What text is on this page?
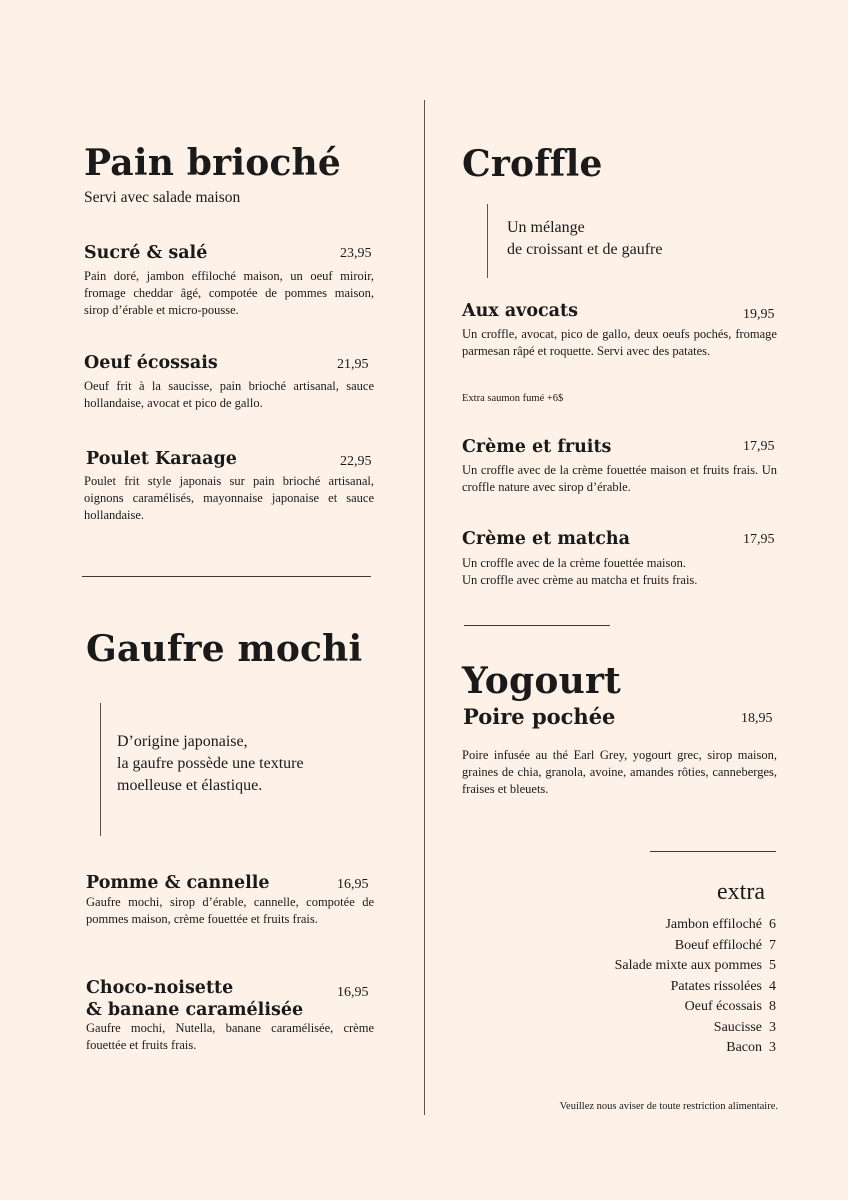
Pain brioché
Servi avec salade maison
Sucré & salé	23,95
Pain doré, jambon effiloché maison, un oeuf miroir, fromage cheddar âgé, compotée de pommes maison, sirop d’érable et micro-pousse.
Oeuf écossais	21,95
Oeuf frit à la saucisse, pain brioché artisanal, sauce hollandaise, avocat et pico de gallo.
Poulet Karaage	22,95
Poulet frit style japonais sur pain brioché artisanal, oignons caramélisés, mayonnaise japonaise et sauce hollandaise.
Gaufre mochi
D’origine japonaise,
la gaufre possède une texture
moelleuse et élastique.
Pomme & cannelle	16,95
Gaufre mochi, sirop d’érable, cannelle, compotée de pommes maison, crème fouettée et fruits frais.
Choco-noisette
& banane caramélisée
16,95
Gaufre mochi, Nutella, banane caramélisée, crème fouettée et fruits frais.
Croffle
Un mélange
de croissant et de gaufre
Aux avocats	19,95
Un croffle, avocat, pico de gallo, deux oeufs pochés, fromage parmesan râpé et roquette. Servi avec des patates.
Extra saumon fumé +6$
Crème et fruits	17,95
Un croffle avec de la crème fouettée maison et fruits frais. Un croffle nature avec sirop d’érable.
Crème et matcha	17,95
Un croffle avec de la crème fouettée maison.
Un croffle avec crème au matcha et fruits frais.
Yogourt
Poire pochée	18,95
Poire infusée au thé Earl Grey, yogourt grec, sirop maison, graines de chia, granola, avoine, amandes rôties, canneberges, fraises et bleuets.
extra
Jambon effiloché 6
Boeuf effiloché 7
Salade mixte aux pommes 5
Patates rissolées 4
Oeuf écossais 8
Saucisse 3
Bacon 3
Veuillez nous aviser de toute restriction alimentaire.
